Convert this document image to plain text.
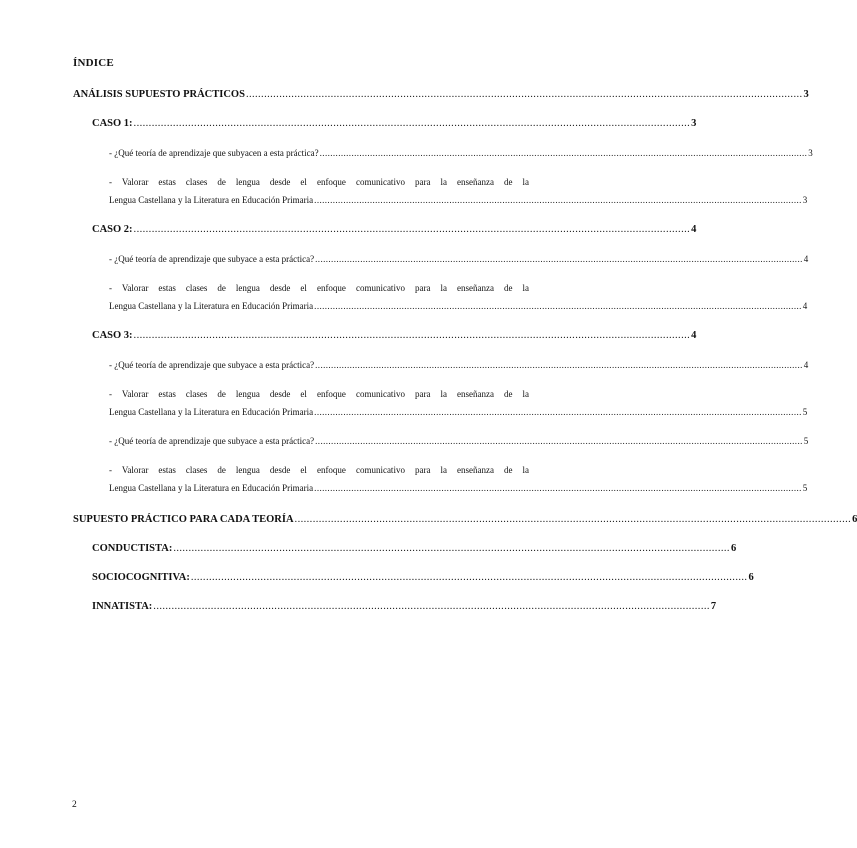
ÍNDICE
ANÁLISIS SUPUESTO PRÁCTICOS ........................................................................................................................................................................................ 3
CASO 1: ........................................................................................................................................................................................ 3
- ¿Qué teoría de aprendizaje que subyacen a esta práctica? ........................................................................................................................................................................................ 3
- Valorar estas clases de lengua desde el enfoque comunicativo para la enseñanza de la
Lengua Castellana y la Literatura en Educación Primaria ........................................................................................................................................................................................ 3
CASO 2: ........................................................................................................................................................................................ 4
- ¿Qué teoría de aprendizaje que subyace a esta práctica? ........................................................................................................................................................................................ 4
- Valorar estas clases de lengua desde el enfoque comunicativo para la enseñanza de la
Lengua Castellana y la Literatura en Educación Primaria ........................................................................................................................................................................................ 4
CASO 3: ........................................................................................................................................................................................ 4
- ¿Qué teoría de aprendizaje que subyace a esta práctica? ........................................................................................................................................................................................ 4
- Valorar estas clases de lengua desde el enfoque comunicativo para la enseñanza de la
Lengua Castellana y la Literatura en Educación Primaria ........................................................................................................................................................................................ 5
- ¿Qué teoría de aprendizaje que subyace a esta práctica? ........................................................................................................................................................................................ 5
- Valorar estas clases de lengua desde el enfoque comunicativo para la enseñanza de la
Lengua Castellana y la Literatura en Educación Primaria ........................................................................................................................................................................................ 5
SUPUESTO PRÁCTICO PARA CADA TEORÍA ........................................................................................................................................................................................ 6
CONDUCTISTA: ........................................................................................................................................................................................ 6
SOCIOCOGNITIVA: ........................................................................................................................................................................................ 6
INNATISTA: ........................................................................................................................................................................................ 7
2
